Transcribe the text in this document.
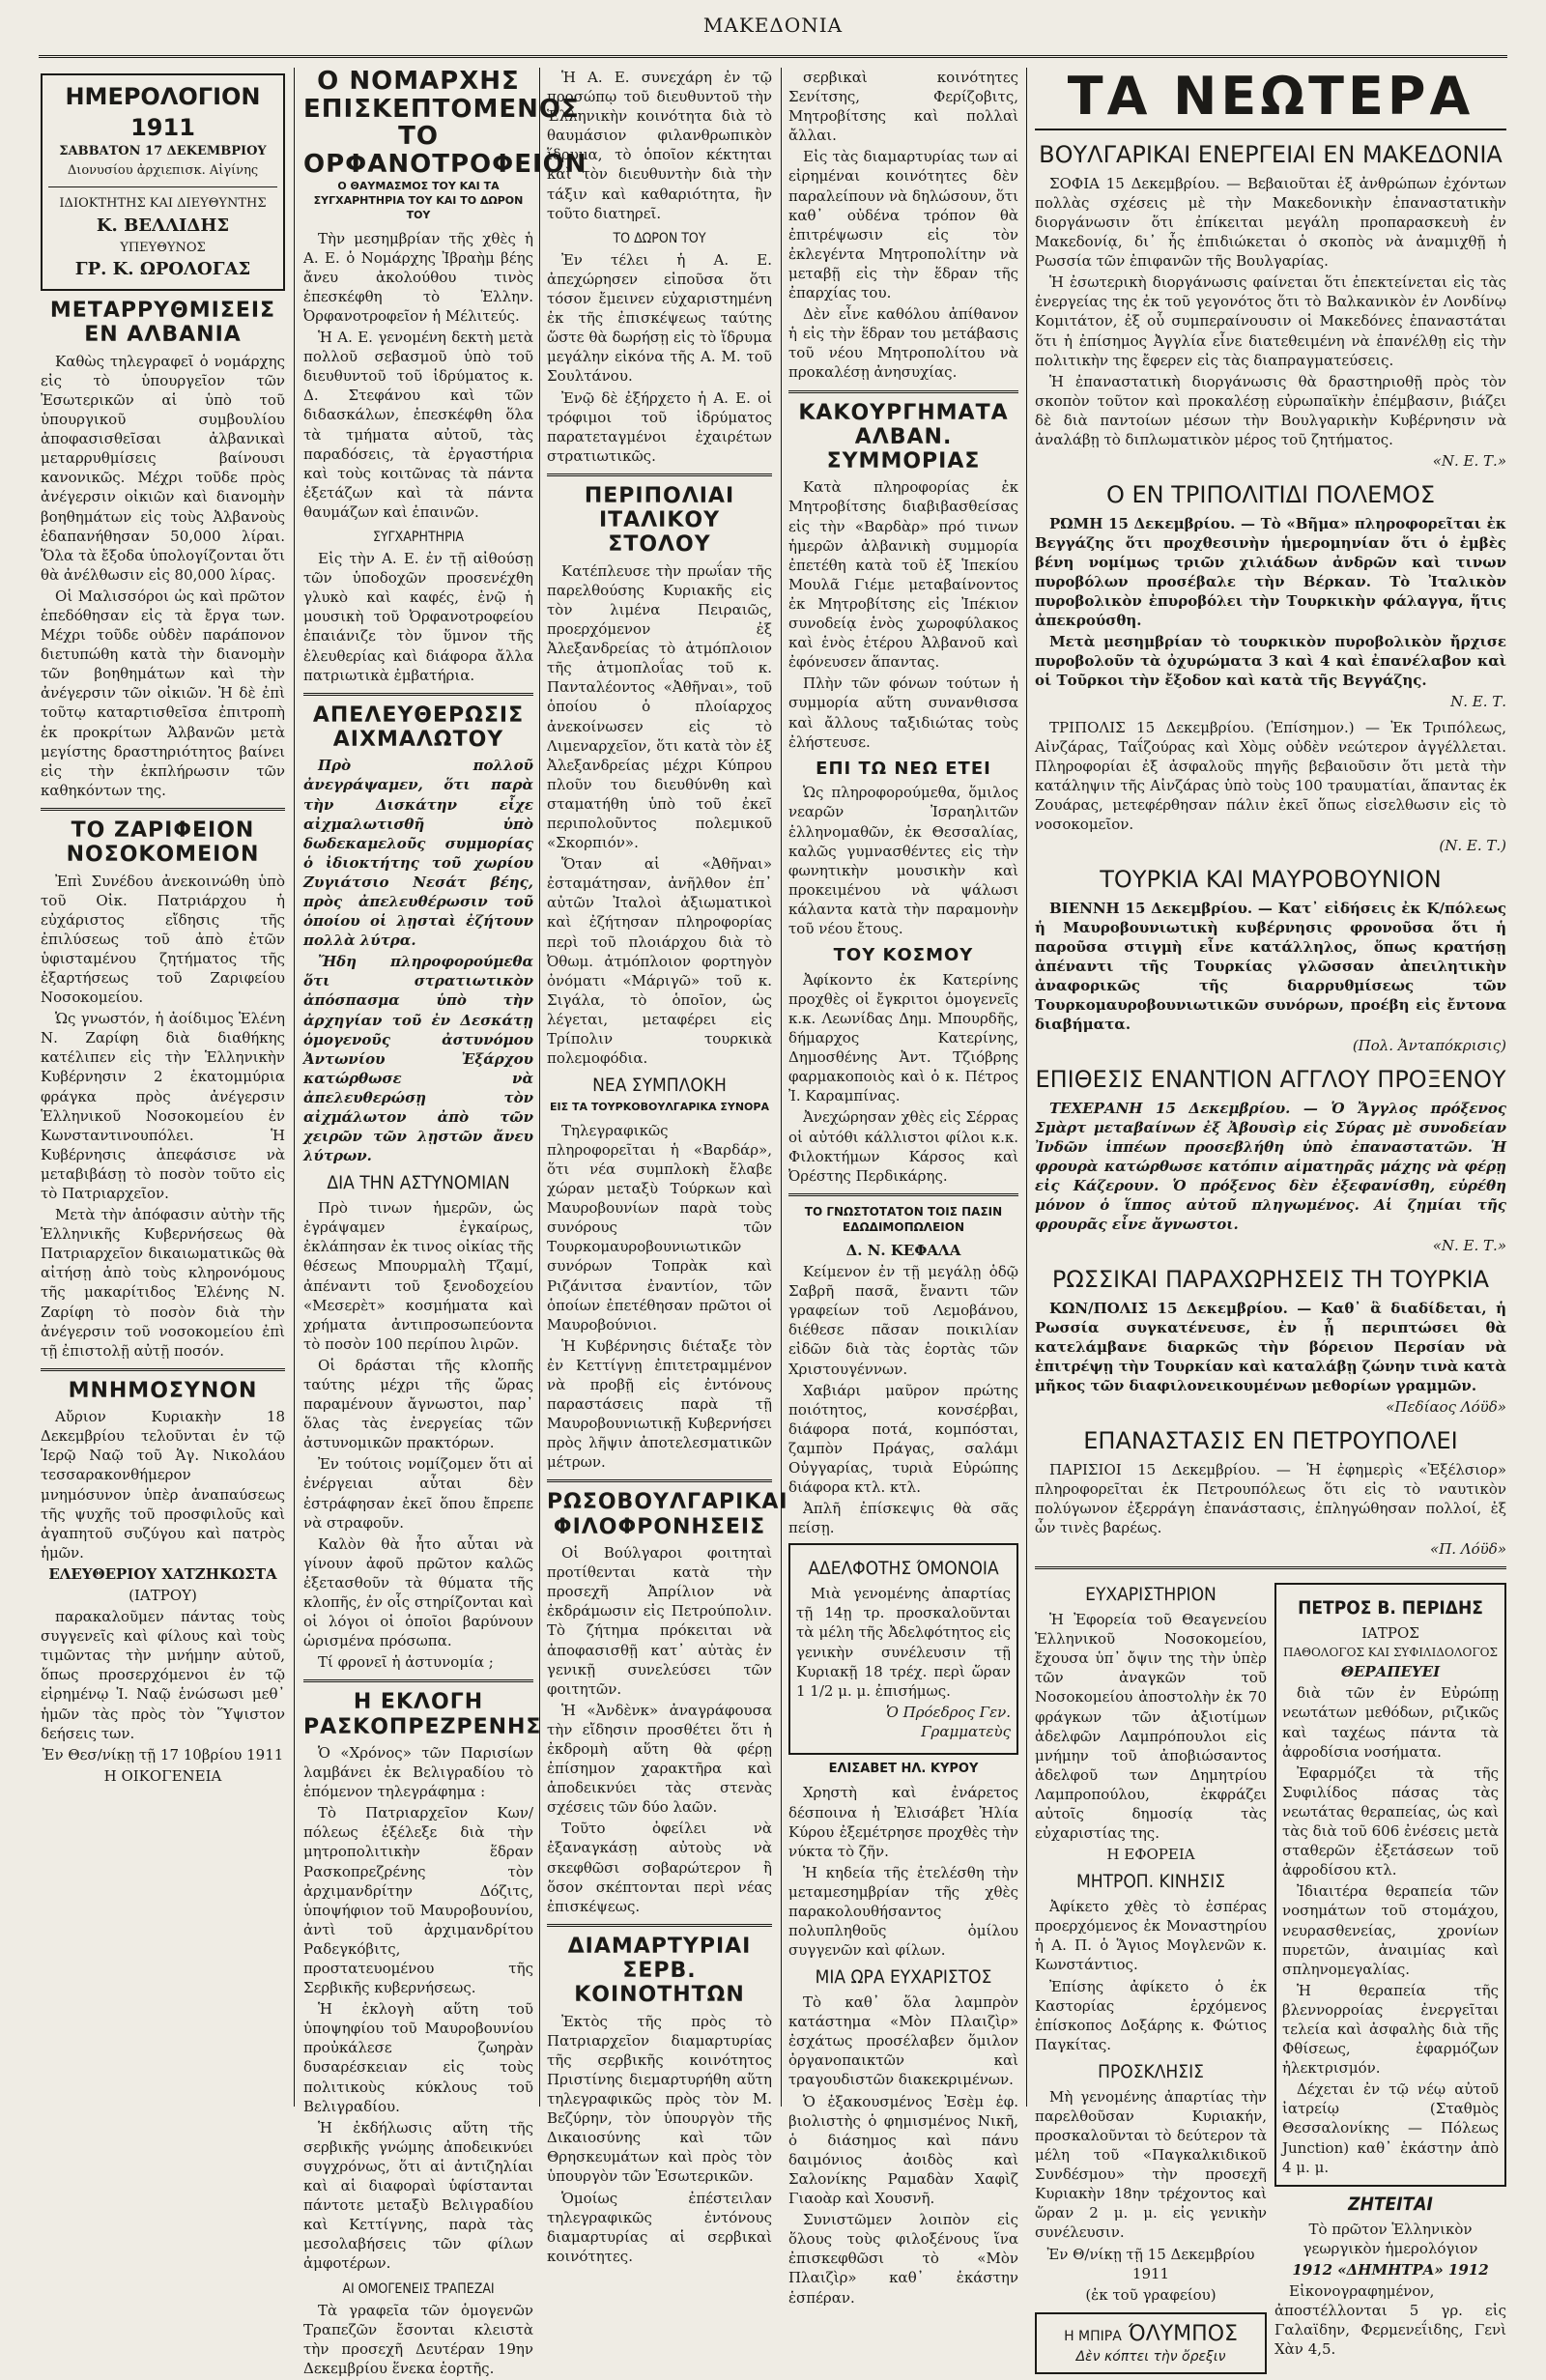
ΜΑΚΕΔΟΝΙΑ
ΗΜΕΡΟΛΟΓΙΟΝ
1911

ΣΑΒΒΑΤΟΝ 17 ΔΕΚΕΜΒΡΙΟΥ

Διονυσίου ἀρχιεπισκ. Αἰγίνης

ΙΔΙΟΚΤΗΤΗΣ ΚΑΙ ΔΙΕΥΘΥΝΤΗΣ

Κ. ΒΕΛΛΙΔΗΣ

ΥΠΕΥΘΥΝΟΣ

ΓΡ. Κ. ΩΡΟΛΟΓΑΣ

ΜΕΤΑΡΡΥΘΜΙΣΕΙΣ ΕΝ ΑΛΒΑΝΙΑ

Καθὼς τηλεγραφεῖ ὁ νομάρχης εἰς τὸ ὑπουργεῖον τῶν Ἐσωτερικῶν αἱ ὑπὸ τοῦ ὑπουργικοῦ συμβουλίου ἀποφασισθεῖσαι ἀλβανικαὶ μεταρρυθμίσεις βαίνουσι κανονικῶς. Μέχρι τοῦδε πρὸς ἀνέγερσιν οἰκιῶν καὶ διανομὴν βοηθημάτων εἰς τοὺς Ἀλβανοὺς ἐδαπανήθησαν 50,000 λίραι. Ὅλα τὰ ἔξοδα ὑπολογίζονται ὅτι θὰ ἀνέλθωσιν εἰς 80,000 λίρας.

Οἱ Μαλισσόροι ὡς καὶ πρῶτον ἐπεδόθησαν εἰς τὰ ἔργα των. Μέχρι τοῦδε οὐδὲν παράπονον διετυπώθη κατὰ τὴν διανομὴν τῶν βοηθημάτων καὶ τὴν ἀνέγερσιν τῶν οἰκιῶν. Ἡ δὲ ἐπὶ τοῦτῳ καταρτισθεῖσα ἐπιτροπὴ ἐκ προκρίτων Ἀλβανῶν μετὰ μεγίστης δραστηριότητος βαίνει εἰς τὴν ἐκπλήρωσιν τῶν καθηκόντων της.

ΤΟ ΖΑΡΙΦΕΙΟΝ ΝΟΣΟΚΟΜΕΙΟΝ

Ἐπὶ Συνέδου ἀνεκοινώθη ὑπὸ τοῦ Οἰκ. Πατριάρχου ἡ εὐχάριστος εἴδησις τῆς ἐπιλύσεως τοῦ ἀπὸ ἐτῶν ὑφισταμένου ζητήματος τῆς ἐξαρτήσεως τοῦ Ζαριφείου Νοσοκομείου.

Ὡς γνωστόν, ἡ ἀοίδιμος Ἑλένη Ν. Ζαρίφη διὰ διαθήκης κατέλιπεν εἰς τὴν Ἑλληνικὴν Κυβέρνησιν 2 ἑκατομμύρια φράγκα πρὸς ἀνέγερσιν Ἑλληνικοῦ Νοσοκομείου ἐν Κωνσταντινουπόλει. Ἡ Κυβέρνησις ἀπεφάσισε νὰ μεταβιβάσῃ τὸ ποσὸν τοῦτο εἰς τὸ Πατριαρχεῖον.

Μετὰ τὴν ἀπόφασιν αὐτὴν τῆς Ἑλληνικῆς Κυβερνήσεως θὰ Πατριαρχεῖον δικαιωματικῶς θὰ αἰτήσῃ ἀπὸ τοὺς κληρονόμους τῆς μακαρίτιδος Ἑλένης Ν. Ζαρίφη τὸ ποσὸν διὰ τὴν ἀνέγερσιν τοῦ νοσοκομείου ἐπὶ τῇ ἐπιστολῇ αὐτῇ ποσόν.

ΜΝΗΜΟΣΥΝΟΝ

Αὔριον Κυριακὴν 18 Δεκεμβρίου τελοῦνται ἐν τῷ Ἱερῷ Ναῷ τοῦ Ἁγ. Νικολάου τεσσαρακονθήμερον μνημόσυνον ὑπὲρ ἀναπαύσεως τῆς ψυχῆς τοῦ προσφιλοῦς καὶ ἀγαπητοῦ συζύγου καὶ πατρὸς ἡμῶν.

ΕΛΕΥΘΕΡΙΟΥ ΧΑΤΖΗΚΩΣΤΑ

(ΙΑΤΡΟΥ)

παρακαλοῦμεν πάντας τοὺς συγγενεῖς καὶ φίλους καὶ τοὺς τιμῶντας τὴν μνήμην αὐτοῦ, ὅπως προσερχόμενοι ἐν τῷ εἰρημένῳ Ἱ. Ναῷ ἑνώσωσι μεθ᾽ ἡμῶν τὰς πρὸς τὸν Ὕψιστον δεήσεις των.

Ἐν Θεσ/νίκῃ τῇ 17 10βρίου 1911

Η ΟΙΚΟΓΕΝΕΙΑ

Ο ΝΟΜΑΡΧΗΣ ΕΠΙΣΚΕΠΤΟΜΕΝΟΣ ΤΟ ΟΡΦΑΝΟΤΡΟΦΕΙΟΝ
Ο ΘΑΥΜΑΣΜΟΣ ΤΟΥ ΚΑΙ ΤΑ ΣΥΓΧΑΡΗΤΗΡΙΑ ΤΟΥ ΚΑΙ ΤΟ ΔΩΡΟΝ ΤΟΥ

Τὴν μεσημβρίαν τῆς χθὲς ἡ Α. Ε. ὁ Νομάρχης Ἰβραὴμ βέης ἄνευ ἀκολούθου τινὸς ἐπεσκέφθη τὸ Ἑλλην. Ὀρφανοτροφεῖον ἡ Μέλιτεύς.

Ἡ Α. Ε. γενομένη δεκτὴ μετὰ πολλοῦ σεβασμοῦ ὑπὸ τοῦ διευθυντοῦ τοῦ ἱδρύματος κ. Δ. Στεφάνου καὶ τῶν διδασκάλων, ἐπεσκέφθη ὅλα τὰ τμήματα αὐτοῦ, τὰς παραδόσεις, τὰ ἐργαστήρια καὶ τοὺς κοιτῶνας τὰ πάντα ἐξετάζων καὶ τὰ πάντα θαυμάζων καὶ ἐπαινῶν.

ΣΥΓΧΑΡΗΤΗΡΙΑ

Εἰς τὴν Α. Ε. ἐν τῇ αἰθούσῃ τῶν ὑποδοχῶν προσενέχθη γλυκὸ καὶ καφές, ἐνῷ ἡ μουσικὴ τοῦ Ὀρφανοτροφείου ἐπαιάνιζε τὸν ὕμνον τῆς ἐλευθερίας καὶ διάφορα ἄλλα πατριωτικὰ ἐμβατήρια.

ΑΠΕΛΕΥΘΕΡΩΣΙΣ ΑΙΧΜΑΛΩΤΟΥ

Πρὸ πολλοῦ ἀνεγράψαμεν, ὅτι παρὰ τὴν Δισκάτην εἶχε αἰχμαλωτισθῆ ὑπὸ δωδεκαμελοῦς συμμορίας ὁ ἰδιοκτήτης τοῦ χωρίου Ζυγιάτσιο Νεσάτ βέης, πρὸς ἀπελευθέρωσιν τοῦ ὁποίου οἱ λῃσταὶ ἐζήτουν πολλὰ λύτρα.

Ἤδη πληροφορούμεθα ὅτι στρατιωτικὸν ἀπόσπασμα ὑπὸ τὴν ἀρχηγίαν τοῦ ἐν Δεσκάτῃ ὁμογενοῦς ἀστυνόμου Ἀντωνίου Ἐξάρχου κατώρθωσε νὰ ἀπελευθερώσῃ τὸν αἰχμάλωτον ἀπὸ τῶν χειρῶν τῶν λῃστῶν ἄνευ λύτρων.

ΔΙΑ ΤΗΝ ΑΣΤΥΝΟΜΙΑΝ

Πρὸ τινων ἡμερῶν, ὡς ἐγράψαμεν ἐγκαίρως, ἐκλάπησαν ἐκ τινος οἰκίας τῆς θέσεως Μπουρμαλὴ Τζαμί, ἀπέναντι τοῦ ξενοδοχείου «Μεσερὲτ» κοσμήματα καὶ χρήματα ἀντιπροσωπεύοντα τὸ ποσὸν 100 περίπου λιρῶν.

Οἱ δράσται τῆς κλοπῆς ταύτης μέχρι τῆς ὥρας παραμένουν ἄγνωστοι, παρ᾽ ὅλας τὰς ἐνεργείας τῶν ἀστυνομικῶν πρακτόρων.

Ἐν τούτοις νομίζομεν ὅτι αἱ ἐνέργειαι αὗται δὲν ἐστράφησαν ἐκεῖ ὅπου ἔπρεπε νὰ στραφοῦν.

Καλὸν θὰ ἦτο αὗται νὰ γίνουν ἀφοῦ πρῶτον καλῶς ἐξετασθοῦν τὰ θύματα τῆς κλοπῆς, ἐν οἷς στηρίζονται καὶ οἱ λόγοι οἱ ὁποῖοι βαρύνουν ὡρισμένα πρόσωπα.

Τί φρονεῖ ἡ ἀστυνομία ;

Η ΕΚΛΟΓΗ ΡΑΣΚΟΠΡΕΖΡΕΝΗΣ

Ὁ «Χρόνος» τῶν Παρισίων λαμβάνει ἐκ Βελιγραδίου τὸ ἑπόμενον τηλεγράφημα :

Τὸ Πατριαρχεῖον Κων/πόλεως ἐξέλεξε διὰ τὴν μητροπολιτικὴν ἕδραν Ρασκοπρεζρένης τὸν ἀρχιμανδρίτην Δόζιτς, ὑποψήφιον τοῦ Μαυροβουνίου, ἀντὶ τοῦ ἀρχιμανδρίτου Ραδεγκόβιτς, προστατευομένου τῆς Σερβικῆς κυβερνήσεως.

Ἡ ἐκλογὴ αὕτη τοῦ ὑποψηφίου τοῦ Μαυροβουνίου προὐκάλεσε ζωηρὰν δυσαρέσκειαν εἰς τοὺς πολιτικοὺς κύκλους τοῦ Βελιγραδίου.

Ἡ ἐκδήλωσις αὕτη τῆς σερβικῆς γνώμης ἀποδεικνύει συγχρόνως, ὅτι αἱ ἀντιζηλίαι καὶ αἱ διαφοραὶ ὑφίστανται πάντοτε μεταξὺ Βελιγραδίου καὶ Κεττίγνης, παρὰ τὰς μεσολαβήσεις τῶν φίλων ἀμφοτέρων.

ΑΙ ΟΜΟΓΕΝΕΙΣ ΤΡΑΠΕΖΑΙ

Τὰ γραφεῖα τῶν ὁμογενῶν Τραπεζῶν ἔσονται κλειστὰ τὴν προσεχῆ Δευτέραν 19ην Δεκεμβρίου ἕνεκα ἑορτῆς.

Ἡ Α. Ε. συνεχάρη ἐν τῷ προσώπῳ τοῦ διευθυντοῦ τὴν Ἑλληνικὴν κοινότητα διὰ τὸ θαυμάσιον φιλανθρωπικὸν ἵδρυμα, τὸ ὁποῖον κέκτηται καὶ τὸν διευθυντὴν διὰ τὴν τάξιν καὶ καθαριότητα, ἣν τοῦτο διατηρεῖ.

ΤΟ ΔΩΡΟΝ ΤΟΥ

Ἐν τέλει ἡ Α. Ε. ἀπεχώρησεν εἰποῦσα ὅτι τόσον ἔμεινεν εὐχαριστημένη ἐκ τῆς ἐπισκέψεως ταύτης ὥστε θὰ δωρήσῃ εἰς τὸ ἵδρυμα μεγάλην εἰκόνα τῆς Α. Μ. τοῦ Σουλτάνου.

Ἐνῷ δὲ ἐξήρχετο ἡ Α. Ε. οἱ τρόφιμοι τοῦ ἱδρύματος παρατεταγμένοι ἐχαιρέτων στρατιωτικῶς.

ΠΕΡΙΠΟΛΙΑΙ ΙΤΑΛΙΚΟΥ ΣΤΟΛΟΥ

Κατέπλευσε τὴν πρωΐαν τῆς παρελθούσης Κυριακῆς εἰς τὸν λιμένα Πειραιῶς, προερχόμενον ἐξ Ἀλεξανδρείας τὸ ἀτμόπλοιον τῆς ἀτμοπλοΐας τοῦ κ. Πανταλέοντος «Ἀθῆναι», τοῦ ὁποίου ὁ πλοίαρχος ἀνεκοίνωσεν εἰς τὸ Λιμεναρχεῖον, ὅτι κατὰ τὸν ἐξ Ἀλεξανδρείας μέχρι Κύπρου πλοῦν του διευθύνθη καὶ σταματήθη ὑπὸ τοῦ ἐκεῖ περιπολοῦντος πολεμικοῦ «Σκορπιόν».

Ὅταν αἱ «Ἀθῆναι» ἐσταμάτησαν, ἀνῆλθον ἐπ᾽ αὐτῶν Ἰταλοὶ ἀξιωματικοὶ καὶ ἐζήτησαν πληροφορίας περὶ τοῦ πλοιάρχου διὰ τὸ Ὀθωμ. ἀτμόπλοιον φορτηγὸν ὀνόματι «Μάριγῶ» τοῦ κ. Σιγάλα, τὸ ὁποῖον, ὡς λέγεται, μεταφέρει εἰς Τρίπολιν τουρκικὰ πολεμοφόδια.

ΝΕΑ ΣΥΜΠΛΟΚΗ
ΕΙΣ ΤΑ ΤΟΥΡΚΟΒΟΥΛΓΑΡΙΚΑ ΣΥΝΟΡΑ

Τηλεγραφικῶς πληροφορεῖται ἡ «Βαρδάρ», ὅτι νέα συμπλοκὴ ἔλαβε χώραν μεταξὺ Τούρκων καὶ Μαυροβουνίων παρὰ τοὺς συνόρους τῶν Τουρκομαυροβουνιωτικῶν συνόρων Τοπρὰκ καὶ Ριζάνιτσα ἐναντίον, τῶν ὁποίων ἐπετέθησαν πρῶτοι οἱ Μαυροβούνιοι.

Ἡ Κυβέρνησις διέταξε τὸν ἐν Κεττίγνῃ ἐπιτετραμμένον νὰ προβῇ εἰς ἐντόνους παραστάσεις παρὰ τῇ Μαυροβουνιωτικῇ Κυβερνήσει πρὸς λῆψιν ἀποτελεσματικῶν μέτρων.

ΡΩΣΟΒΟΥΛΓΑΡΙΚΑΙ ΦΙΛΟΦΡΟΝΗΣΕΙΣ

Οἱ Βούλγαροι φοιτηταὶ προτίθενται κατὰ τὴν προσεχῆ Ἀπρίλιον νὰ ἐκδράμωσιν εἰς Πετρούπολιν. Τὸ ζήτημα πρόκειται νὰ ἀποφασισθῇ κατ᾽ αὐτὰς ἐν γενικῇ συνελεύσει τῶν φοιτητῶν.

Ἡ «Ἀνδὲνκ» ἀναγράφουσα τὴν εἴδησιν προσθέτει ὅτι ἡ ἐκδρομὴ αὕτη θὰ φέρῃ ἐπίσημον χαρακτῆρα καὶ ἀποδεικνύει τὰς στενὰς σχέσεις τῶν δύο λαῶν.

Τοῦτο ὀφείλει νὰ ἐξαναγκάσῃ αὐτοὺς νὰ σκεφθῶσι σοβαρώτερον ἢ ὅσον σκέπτονται περὶ νέας ἐπισκέψεως.

ΔΙΑΜΑΡΤΥΡΙΑΙ ΣΕΡΒ. ΚΟΙΝΟΤΗΤΩΝ

Ἐκτὸς τῆς πρὸς τὸ Πατριαρχεῖον διαμαρτυρίας τῆς σερβικῆς κοινότητος Πριστίνης διεμαρτυρήθη αὕτη τηλεγραφικῶς πρὸς τὸν Μ. Βεζύρην, τὸν ὑπουργὸν τῆς Δικαιοσύνης καὶ τῶν Θρησκευμάτων καὶ πρὸς τὸν ὑπουργὸν τῶν Ἐσωτερικῶν.

Ὁμοίως ἐπέστειλαν τηλεγραφικῶς ἐντόνους διαμαρτυρίας αἱ σερβικαὶ κοινότητες.

σερβικαὶ κοινότητες Σενίτσης, Φερίζοβιτς, Μητροβίτσης καὶ πολλαὶ ἄλλαι.

Εἰς τὰς διαμαρτυρίας των αἱ εἰρημέναι κοινότητες δὲν παραλείπουν νὰ δηλώσουν, ὅτι καθ᾽ οὐδένα τρόπον θὰ ἐπιτρέψωσιν εἰς τὸν ἐκλεγέντα Μητροπολίτην νὰ μεταβῇ εἰς τὴν ἕδραν τῆς ἐπαρχίας του.

Δὲν εἶνε καθόλου ἀπίθανον ἡ εἰς τὴν ἕδραν του μετάβασις τοῦ νέου Μητροπολίτου νὰ προκαλέσῃ ἀνησυχίας.

ΚΑΚΟΥΡΓΗΜΑΤΑ ΑΛΒΑΝ. ΣΥΜΜΟΡΙΑΣ

Κατὰ πληροφορίας ἐκ Μητροβίτσης διαβιβασθείσας εἰς τὴν «Βαρδὰρ» πρό τινων ἡμερῶν ἀλβανικὴ συμμορία ἐπετέθη κατὰ τοῦ ἐξ Ἱπεκίου Μουλᾶ Γιέμε μεταβαίνοντος ἐκ Μητροβίτσης εἰς Ἰπέκιον συνοδείᾳ ἑνὸς χωροφύλακος καὶ ἑνὸς ἑτέρου Ἀλβανοῦ καὶ ἐφόνευσεν ἅπαντας.

Πλὴν τῶν φόνων τούτων ἡ συμμορία αὕτη συνανθισσα καὶ ἄλλους ταξιδιώτας τοὺς ἐλήστευσε.

ΕΠΙ ΤΩ ΝΕΩ ΕΤΕΙ

Ὡς πληροφορούμεθα, ὅμιλος νεαρῶν Ἰσραηλιτῶν ἑλληνομαθῶν, ἐκ Θεσσαλίας, καλῶς γυμνασθέντες εἰς τὴν φωνητικὴν μουσικὴν καὶ προκειμένου νὰ ψάλωσι κάλαντα κατὰ τὴν παραμονὴν τοῦ νέου ἔτους.

ΤΟΥ ΚΟΣΜΟΥ

Ἀφίκοντο ἐκ Κατερίνης προχθὲς οἱ ἔγκριτοι ὁμογενεῖς κ.κ. Λεωνίδας Δημ. Μπουρδῆς, δήμαρχος Κατερίνης, Δημοσθένης Ἀντ. Τζιόβρης φαρμακοποιὸς καὶ ὁ κ. Πέτρος Ἰ. Καραμπίνας.

Ἀνεχώρησαν χθὲς εἰς Σέρρας οἱ αὐτόθι κάλλιστοι φίλοι κ.κ. Φιλοκτήμων Κάρσος καὶ Ὀρέστης Περδικάρης.

ΤΟ ΓΝΩΣΤΟΤΑΤΟΝ ΤΟΙΣ ΠΑΣΙΝ ΕΔΩΔΙΜΟΠΩΛΕΙΟΝ

Δ. Ν. ΚΕΦΑΛΑ

Κείμενον ἐν τῇ μεγάλῃ ὁδῷ Σαβρῆ πασᾶ, ἔναντι τῶν γραφείων τοῦ Λεμοβάνου, διέθεσε πᾶσαν ποικιλίαν εἰδῶν διὰ τὰς ἑορτὰς τῶν Χριστουγέννων.

Χαβιάρι μαῦρον πρώτης ποιότητος, κονσέρβαι, διάφορα ποτά, κομπόσται, ζαμπὸν Πράγας, σαλάμι Οὐγγαρίας, τυριὰ Εὐρώπης διάφορα κτλ. κτλ.

Ἀπλῆ ἐπίσκεψις θὰ σᾶς πείσῃ.

ΑΔΕΛΦΟΤΗΣ ΌΜΟΝΟΙΑ

Μιὰ γενομένης ἀπαρτίας τῇ 14ῃ τρ. προσκαλοῦνται τὰ μέλη τῆς Ἀδελφότητος εἰς γενικὴν συνέλευσιν τῇ Κυριακῇ 18 τρέχ. περὶ ὥραν 1 1/2 μ. μ. ἐπισήμως.

Ὁ Πρόεδρος Γεν. Γραμματεὺς

ΕΛΙΣΑΒΕΤ ΗΛ. ΚΥΡΟΥ

Χρηστὴ καὶ ἐνάρετος δέσποινα ἡ Ἐλισάβετ Ἠλία Κύρου ἐξεμέτρησε προχθὲς τὴν νύκτα τὸ ζῆν.

Ἡ κηδεία τῆς ἐτελέσθη τὴν μεταμεσημβρίαν τῆς χθὲς παρακολουθήσαντος πολυπληθοῦς ὁμίλου συγγενῶν καὶ φίλων.

ΜΙΑ ΩΡΑ ΕΥΧΑΡΙΣΤΟΣ

Τὸ καθ᾽ ὅλα λαμπρὸν κατάστημα «Μὸν Πλαιζὶρ» ἐσχάτως προσέλαβεν ὅμιλον ὀργανοπαικτῶν καὶ τραγουδιστῶν διακεκριμένων.

Ὁ ἐξακουσμένος Ἐσὲμ ἐφ. βιολιστὴς ὁ φημισμένος Νικῆ, ὁ διάσημος καὶ πάνυ δαιμόνιος ἀοιδὸς καὶ Σαλονίκης Ραμαδὰν Χαφὶζ Γιαοὰρ καὶ Χουσνῆ.

Συνιστῶμεν λοιπὸν εἰς ὅλους τοὺς φιλοξένους ἵνα ἐπισκεφθῶσι τὸ «Μὸν Πλαιζὶρ» καθ᾽ ἑκάστην ἑσπέραν.

ΤΑ ΝΕΩΤΕΡΑ
ΒΟΥΛΓΑΡΙΚΑΙ ΕΝΕΡΓΕΙΑΙ ΕΝ ΜΑΚΕΔΟΝΙΑ

ΣΟΦΙΑ 15 Δεκεμβρίου. — Βεβαιοῦται ἐξ ἀνθρώπων ἐχόντων πολλὰς σχέσεις μὲ τὴν Μακεδονικὴν ἐπαναστατικὴν διοργάνωσιν ὅτι ἐπίκειται μεγάλη προπαρασκευὴ ἐν Μακεδονίᾳ, δι᾽ ἧς ἐπιδιώκεται ὁ σκοπὸς νὰ ἀναμιχθῇ ἡ Ρωσσία τῶν ἐπιφανῶν τῆς Βουλγαρίας.

Ἡ ἐσωτερικὴ διοργάνωσις φαίνεται ὅτι ἐπεκτείνεται εἰς τὰς ἐνεργείας της ἐκ τοῦ γεγονότος ὅτι τὸ Βαλκανικὸν ἐν Λονδίνῳ Κομιτάτον, ἐξ οὗ συμπεραίνουσιν οἱ Μακεδόνες ἐπαναστάται ὅτι ἡ ἐπίσημος Ἀγγλία εἶνε διατεθειμένη νὰ ἐπανέλθῃ εἰς τὴν πολιτικὴν της ἔφερεν εἰς τὰς διαπραγματεύσεις.

Ἡ ἐπαναστατικὴ διοργάνωσις θὰ δραστηριοθῇ πρὸς τὸν σκοπὸν τοῦτον καὶ προκαλέσῃ εὐρωπαϊκὴν ἐπέμβασιν, βιάζει δὲ διὰ παντοίων μέσων τὴν Βουλγαρικὴν Κυβέρνησιν νὰ ἀναλάβῃ τὸ διπλωματικὸν μέρος τοῦ ζητήματος.

«Ν. Ε. Τ.»

Ο ΕΝ ΤΡΙΠΟΛΙΤΙΔΙ ΠΟΛΕΜΟΣ

ΡΩΜΗ 15 Δεκεμβρίου. — Τὸ «Βῆμα» πληροφορεῖται ἐκ Βεγγάζης ὅτι προχθεσινὴν ἡμερομηνίαν ὅτι ὁ ἐμβὲς βένη νομίμως τριῶν χιλιάδων ἀνδρῶν καὶ τινων πυροβόλων προσέβαλε τὴν Βέρκαν. Τὸ Ἰταλικὸν πυροβολικὸν ἐπυροβόλει τὴν Τουρκικὴν φάλαγγα, ἥτις ἀπεκρούσθη.

Μετὰ μεσημβρίαν τὸ τουρκικὸν πυροβολικὸν ἤρχισε πυροβολοῦν τὰ ὀχυρώματα 3 καὶ 4 καὶ ἐπανέλαβον καὶ οἱ Τοῦρκοι τὴν ἔξοδον καὶ κατὰ τῆς Βεγγάζης.

Ν. Ε. Τ.

ΤΡΙΠΟΛΙΣ 15 Δεκεμβρίου. (Ἐπίσημον.) — Ἐκ Τριπόλεως, Αἰνζάρας, Ταΐζούρας καὶ Χὸμς οὐδὲν νεώτερον ἀγγέλλεται. Πληροφορίαι ἐξ ἀσφαλοῦς πηγῆς βεβαιοῦσιν ὅτι μετὰ τὴν κατάληψιν τῆς Αἰνζάρας ὑπὸ τοὺς 100 τραυματίαι, ἅπαντας ἐκ Ζουάρας, μετεφέρθησαν πάλιν ἐκεῖ ὅπως εἰσελθωσιν εἰς τὸ νοσοκομεῖον.

(Ν. Ε. Τ.)

ΤΟΥΡΚΙΑ ΚΑΙ ΜΑΥΡΟΒΟΥΝΙΟΝ

ΒΙΕΝΝΗ 15 Δεκεμβρίου. — Κατ᾽ εἰδήσεις ἐκ Κ/πόλεως ἡ Μαυροβουνιωτικὴ κυβέρνησις φρονοῦσα ὅτι ἡ παροῦσα στιγμὴ εἶνε κατάλληλος, ὅπως κρατήσῃ ἀπέναντι τῆς Τουρκίας γλῶσσαν ἀπειλητικὴν ἀναφορικῶς τῆς διαρρυθμίσεως τῶν Τουρκομαυροβουνιωτικῶν συνόρων, προέβη εἰς ἔντονα διαβήματα.

(Πολ. Ἀνταπόκρισις)

ΕΠΙΘΕΣΙΣ ΕΝΑΝΤΙΟΝ ΑΓΓΛΟΥ ΠΡΟΞΕΝΟΥ

ΤΕΧΕΡΑΝΗ 15 Δεκεμβρίου. — Ὁ Ἄγγλος πρόξενος Σμὰρτ μεταβαίνων ἐξ Ἀβουσὶρ εἰς Σύρας μὲ συνοδείαν Ἰνδῶν ἱππέων προσεβλήθη ὑπὸ ἐπαναστατῶν. Ἡ φρουρὰ κατώρθωσε κατόπιν αἱματηρᾶς μάχης νὰ φέρῃ εἰς Κάζερουν. Ὁ πρόξενος δὲν ἐξεφανίσθη, εὑρέθη μόνον ὁ ἵππος αὐτοῦ πληγωμένος. Αἱ ζημίαι τῆς φρουρᾶς εἶνε ἄγνωστοι.

«Ν. Ε. Τ.»

ΡΩΣΣΙΚΑΙ ΠΑΡΑΧΩΡΗΣΕΙΣ ΤΗ ΤΟΥΡΚΙΑ

ΚΩΝ/ΠΟΛΙΣ 15 Δεκεμβρίου. — Καθ᾽ ἃ διαδίδεται, ἡ Ρωσσία συγκατένευσε, ἐν ᾗ περιπτώσει θὰ κατελάμβανε διαρκῶς τὴν βόρειον Περσίαν νὰ ἐπιτρέψῃ τὴν Τουρκίαν καὶ καταλάβῃ ζώνην τινὰ κατὰ μῆκος τῶν διαφιλονεικουμένων μεθορίων γραμμῶν.

«Πεδίαος Λόϋδ»

ΕΠΑΝΑΣΤΑΣΙΣ ΕΝ ΠΕΤΡΟΥΠΟΛΕΙ

ΠΑΡΙΣΙΟΙ 15 Δεκεμβρίου. — Ἡ ἐφημερὶς «Ἐξέλσιορ» πληροφορεῖται ἐκ Πετρουπόλεως ὅτι εἰς τὸ ναυτικὸν πολύγωνον ἐξερράγη ἐπανάστασις, ἐπληγώθησαν πολλοί, ἐξ ὧν τινὲς βαρέως.

«Π. Λόϋδ»

ΕΥΧΑΡΙΣΤΗΡΙΟΝ

Ἡ Ἐφορεία τοῦ Θεαγενείου Ἑλληνικοῦ Νοσοκομείου, ἔχουσα ὑπ᾽ ὄψιν της τὴν ὑπὲρ τῶν ἀναγκῶν τοῦ Νοσοκομείου ἀποστολὴν ἐκ 70 φράγκων τῶν ἀξιοτίμων ἀδελφῶν Λαμπρόπουλοι εἰς μνήμην τοῦ ἀποβιώσαντος ἀδελφοῦ των Δημητρίου Λαμπροπούλου, ἐκφράζει αὐτοῖς δημοσίᾳ τὰς εὐχαριστίας της.

Η ΕΦΟΡΕΙΑ

ΜΗΤΡΟΠ. ΚΙΝΗΣΙΣ

Ἀφίκετο χθὲς τὸ ἑσπέρας προερχόμενος ἐκ Μοναστηρίου ἡ Α. Π. ὁ Ἅγιος Μογλενῶν κ. Κωνστάντιος.

Ἐπίσης ἀφίκετο ὁ ἐκ Καστορίας ἐρχόμενος ἐπίσκοπος Δοξάρης κ. Φώτιος Παγκίτας.

ΠΡΟΣΚΛΗΣΙΣ

Μὴ γενομένης ἀπαρτίας τὴν παρελθοῦσαν Κυριακήν, προσκαλοῦνται τὸ δεύτερον τὰ μέλη τοῦ «Παγκαλκιδικοῦ Συνδέσμου» τὴν προσεχῆ Κυριακὴν 18ην τρέχοντος καὶ ὥραν 2 μ. μ. εἰς γενικὴν συνέλευσιν.

Ἐν Θ/νίκῃ τῇ 15 Δεκεμβρίου 1911

(ἐκ τοῦ γραφείου)

Η ΜΠΙΡΑ ΌΛΥΜΠΟΣ
Δὲν κόπτει τὴν ὄρεξιν
ΠΕΤΡΟΣ Β. ΠΕΡΙΔΗΣ

ΙΑΤΡΟΣ

ΠΑΘΟΛΟΓΟΣ ΚΑΙ ΣΥΦΙΛΙΔΟΛΟΓΟΣ

ΘΕΡΑΠΕΥΕΙ

διὰ τῶν ἐν Εὐρώπῃ νεωτάτων μεθόδων, ριζικῶς καὶ ταχέως πάντα τὰ ἀφροδίσια νοσήματα.

Ἐφαρμόζει τὰ τῆς Συφιλίδος πάσας τὰς νεωτάτας θεραπείας, ὡς καὶ τὰς διὰ τοῦ 606 ἐνέσεις μετὰ σταθερῶν ἐξετάσεων τοῦ ἀφροδίσου κτλ.

Ἰδιαιτέρα θεραπεία τῶν νοσημάτων τοῦ στομάχου, νευρασθενείας, χρονίων πυρετῶν, ἀναιμίας καὶ σπληνομεγαλίας.

Ἡ θεραπεία τῆς βλεννορροίας ἐνεργεῖται τελεία καὶ ἀσφαλὴς διὰ τῆς Φθίσεως, ἐφαρμόζων ἠλεκτρισμόν.

Δέχεται ἐν τῷ νέῳ αὐτοῦ ἰατρείῳ (Σταθμὸς Θεσσαλονίκης — Πόλεως Junction) καθ᾽ ἑκάστην ἀπὸ 4 μ. μ.

ΖΗΤΕΙΤΑΙ

Τὸ πρῶτον Ἑλληνικὸν γεωργικὸν ἡμερολόγιον

1912 «ΔΗΜΗΤΡΑ» 1912

Εἰκονογραφημένον, ἀποστέλλονται 5 γρ. εἰς Γαλαϊδην, Φερμενεΐιδης, Γενὶ Χὰν 4,5.
